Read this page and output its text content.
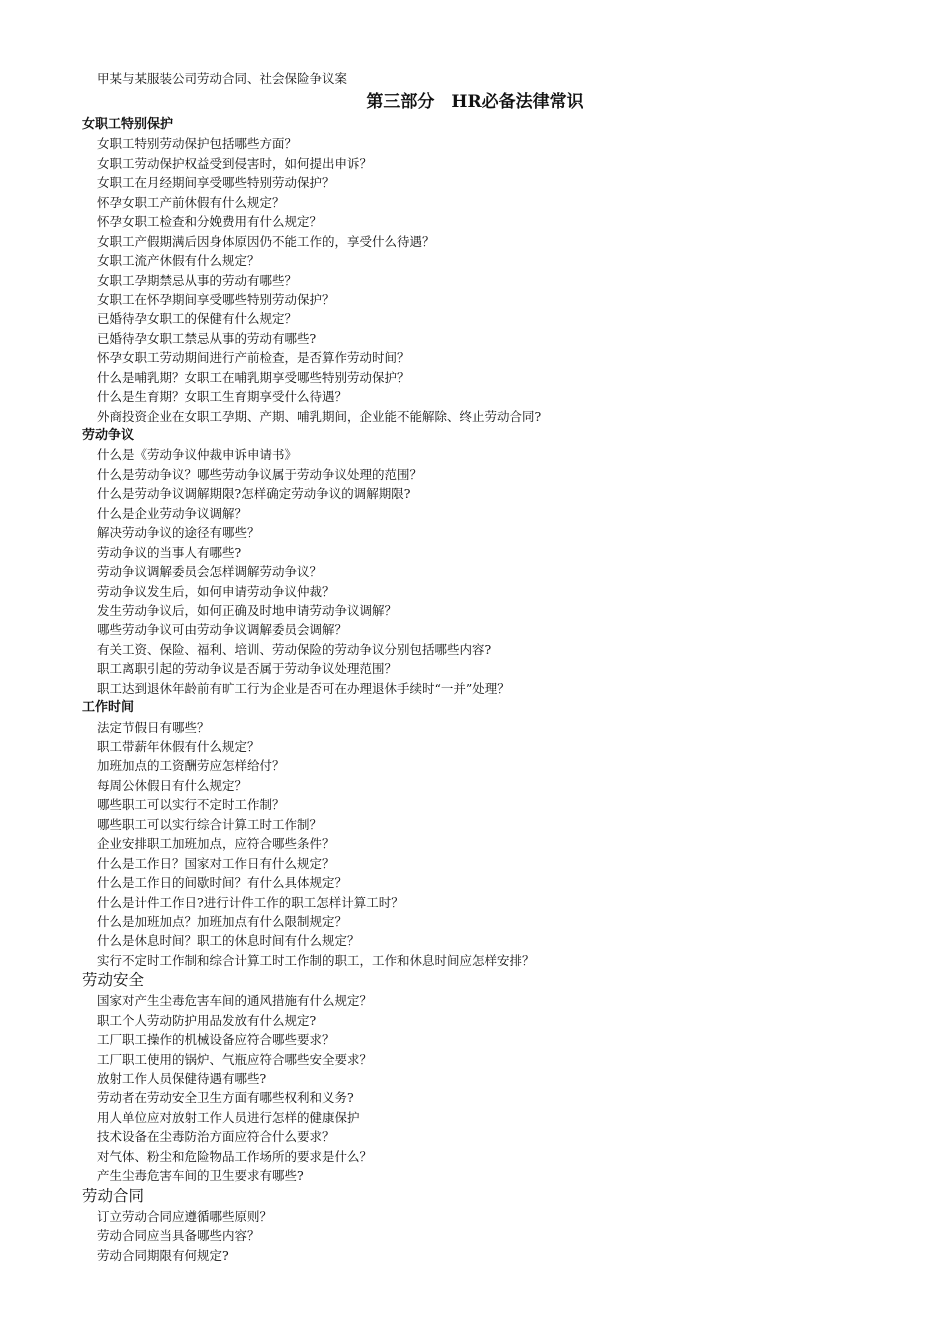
甲某与某服装公司劳动合同、社会保险争议案
第三部分　HR必备法律常识
女职工特别保护
女职工特别劳动保护包括哪些方面？
女职工劳动保护权益受到侵害时，如何提出申诉？
女职工在月经期间享受哪些特别劳动保护？
怀孕女职工产前休假有什么规定？
怀孕女职工检查和分娩费用有什么规定？
女职工产假期满后因身体原因仍不能工作的，享受什么待遇？
女职工流产休假有什么规定？
女职工孕期禁忌从事的劳动有哪些？
女职工在怀孕期间享受哪些特别劳动保护？
已婚待孕女职工的保健有什么规定？
已婚待孕女职工禁忌从事的劳动有哪些?
怀孕女职工劳动期间进行产前检查，是否算作劳动时间？
什么是哺乳期？女职工在哺乳期享受哪些特别劳动保护？
什么是生育期？女职工生育期享受什么待遇？
外商投资企业在女职工孕期、产期、哺乳期间，企业能不能解除、终止劳动合同?
劳动争议
什么是《劳动争议仲裁申诉申请书》
什么是劳动争议？哪些劳动争议属于劳动争议处理的范围？
什么是劳动争议调解期限?怎样确定劳动争议的调解期限?
什么是企业劳动争议调解？
解决劳动争议的途径有哪些？
劳动争议的当事人有哪些?
劳动争议调解委员会怎样调解劳动争议？
劳动争议发生后，如何申请劳动争议仲裁？
发生劳动争议后，如何正确及时地申请劳动争议调解？
哪些劳动争议可由劳动争议调解委员会调解？
有关工资、保险、福利、培训、劳动保险的劳动争议分别包括哪些内容?
职工离职引起的劳动争议是否属于劳动争议处理范围？
职工达到退休年龄前有旷工行为企业是否可在办理退休手续时“一并”处理？
工作时间
法定节假日有哪些？
职工带薪年休假有什么规定？
加班加点的工资酬劳应怎样给付？
每周公休假日有什么规定？
哪些职工可以实行不定时工作制？
哪些职工可以实行综合计算工时工作制？
企业安排职工加班加点，应符合哪些条件？
什么是工作日？国家对工作日有什么规定？
什么是工作日的间歇时间？有什么具体规定？
什么是计件工作日?进行计件工作的职工怎样计算工时？
什么是加班加点？加班加点有什么限制规定？
什么是休息时间？职工的休息时间有什么规定？
实行不定时工作制和综合计算工时工作制的职工，工作和休息时间应怎样安排？
劳动安全
国家对产生尘毒危害车间的通风措施有什么规定？
职工个人劳动防护用品发放有什么规定?
工厂职工操作的机械设备应符合哪些要求？
工厂职工使用的锅炉、气瓶应符合哪些安全要求？
放射工作人员保健待遇有哪些?
劳动者在劳动安全卫生方面有哪些权利和义务?
用人单位应对放射工作人员进行怎样的健康保护
技术设备在尘毒防治方面应符合什么要求？
对气体、粉尘和危险物品工作场所的要求是什么？
产生尘毒危害车间的卫生要求有哪些?
劳动合同
订立劳动合同应遵循哪些原则？
劳动合同应当具备哪些内容？
劳动合同期限有何规定?
